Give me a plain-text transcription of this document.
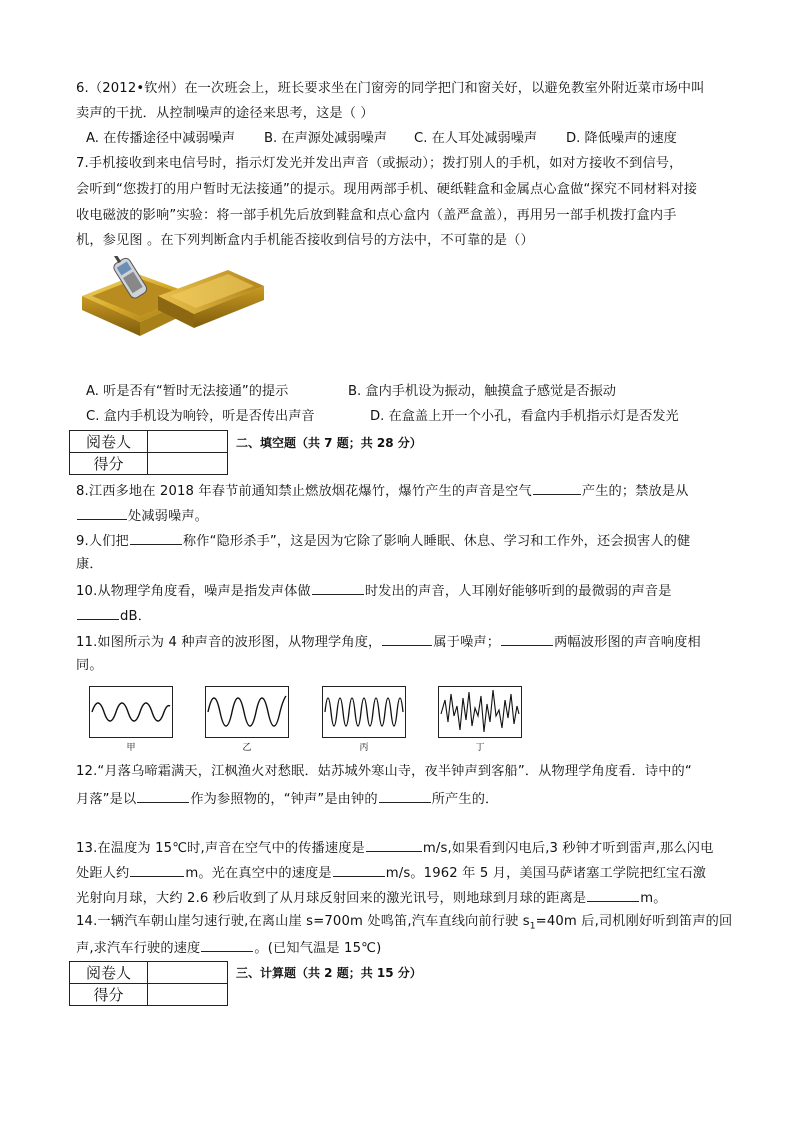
6.（2012•钦州）在一次班会上，班长要求坐在门窗旁的同学把门和窗关好，以避免教室外附近菜市场中叫
卖声的干扰．从控制噪声的途径来思考，这是（ ）
A. 在传播途径中减弱噪声 B. 在声源处减弱噪声 C. 在人耳处减弱噪声 D. 降低噪声的速度
7.手机接收到来电信号时，指示灯发光并发出声音（或振动）；拨打别人的手机，如对方接收不到信号，
会听到“您拨打的用户暂时无法接通”的提示。现用两部手机、硬纸鞋盒和金属点心盒做“探究不同材料对接
收电磁波的影响”实验：将一部手机先后放到鞋盒和点心盒内（盖严盒盖），再用另一部手机拨打盒内手
机，参见图 。在下列判断盒内手机能否接收到信号的方法中，不可靠的是（）
A. 听是否有“暂时无法接通”的提示	B. 盒内手机设为振动，触摸盒子感觉是否振动
C. 盒内手机设为响铃，听是否传出声音	D. 在盒盖上开一个小孔，看盒内手机指示灯是否发光
阅卷人	
得分	
二、填空题（共 7 题；共 28 分）
8.江西多地在 2018 年春节前通知禁止燃放烟花爆竹，爆竹产生的声音是空气	产生的；禁放是从
处减弱噪声。
9.人们把	称作“隐形杀手”，这是因为它除了影响人睡眠、休息、学习和工作外，还会损害人的健
康．
10.从物理学角度看，噪声是指发声体做	时发出的声音，人耳刚好能够听到的最微弱的声音是
dB．
11.如图所示为 4 种声音的波形图，从物理学角度，	属于噪声；	两幅波形图的声音响度相
同。
甲	乙	丙	丁
12.“月落乌啼霜满天，江枫渔火对愁眠．姑苏城外寒山寺，夜半钟声到客船”．从物理学角度看．诗中的“
月落”是以	作为参照物的，“钟声”是由钟的	所产生的．
13.在温度为 15℃时,声音在空气中的传播速度是	m/s,如果看到闪电后,3 秒钟才听到雷声,那么闪电
处距人约	m。光在真空中的速度是	m/s。1962 年 5 月，美国马萨诸塞工学院把红宝石激
光射向月球，大约 2.6 秒后收到了从月球反射回来的激光讯号，则地球到月球的距离是	m。
14.一辆汽车朝山崖匀速行驶,在离山崖 s=700m 处鸣笛,汽车直线向前行驶 $s_1=40m$ 后,司机刚好听到笛声的回
声,求汽车行驶的速度	。(已知气温是 15℃)
阅卷人	
得分	
三、计算题（共 2 题；共 15 分）
